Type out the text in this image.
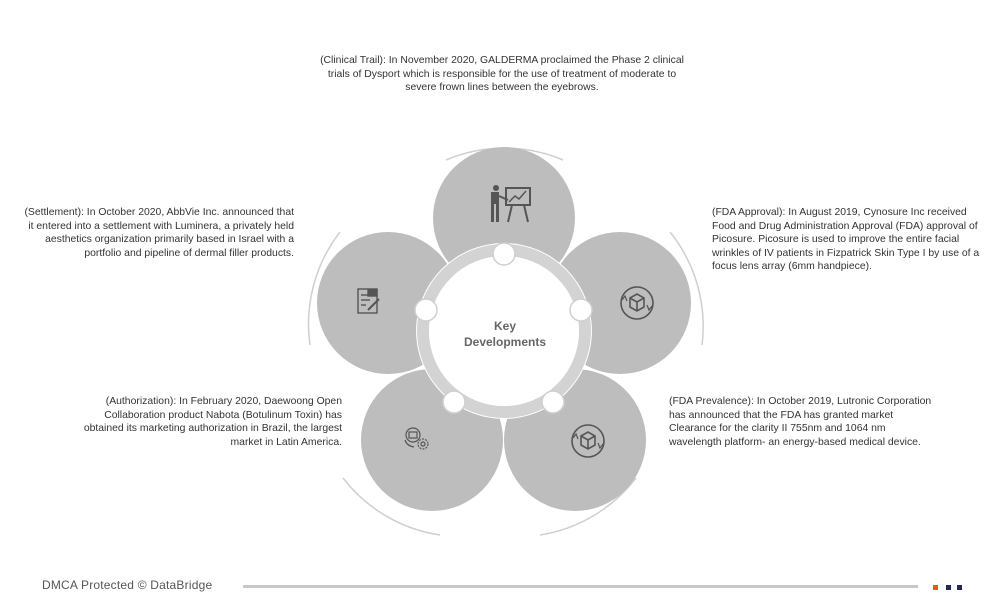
Key
Developments
(Clinical Trail): In November 2020, GALDERMA proclaimed the Phase 2 clinical
trials of Dysport which is responsible for the use of treatment of moderate to
severe frown lines between the eyebrows.
(FDA Approval): In August 2019, Cynosure Inc received
Food and Drug Administration Approval (FDA) approval of
Picosure. Picosure is used to improve the entire facial
wrinkles of IV patients in Fizpatrick Skin Type I by use of a
focus lens array (6mm handpiece).
(FDA Prevalence): In October 2019, Lutronic Corporation
has announced that the FDA has granted market
Clearance for the clarity II 755nm and 1064 nm
wavelength platform- an energy-based medical device.
(Authorization): In February 2020, Daewoong Open
Collaboration product Nabota (Botulinum Toxin) has
obtained its marketing authorization in Brazil, the largest
market in Latin America.
(Settlement): In October 2020, AbbVie Inc. announced that
it entered into a settlement with Luminera, a privately held
aesthetics organization primarily based in Israel with a
portfolio and pipeline of dermal filler products.
DMCA Protected © DataBridge
